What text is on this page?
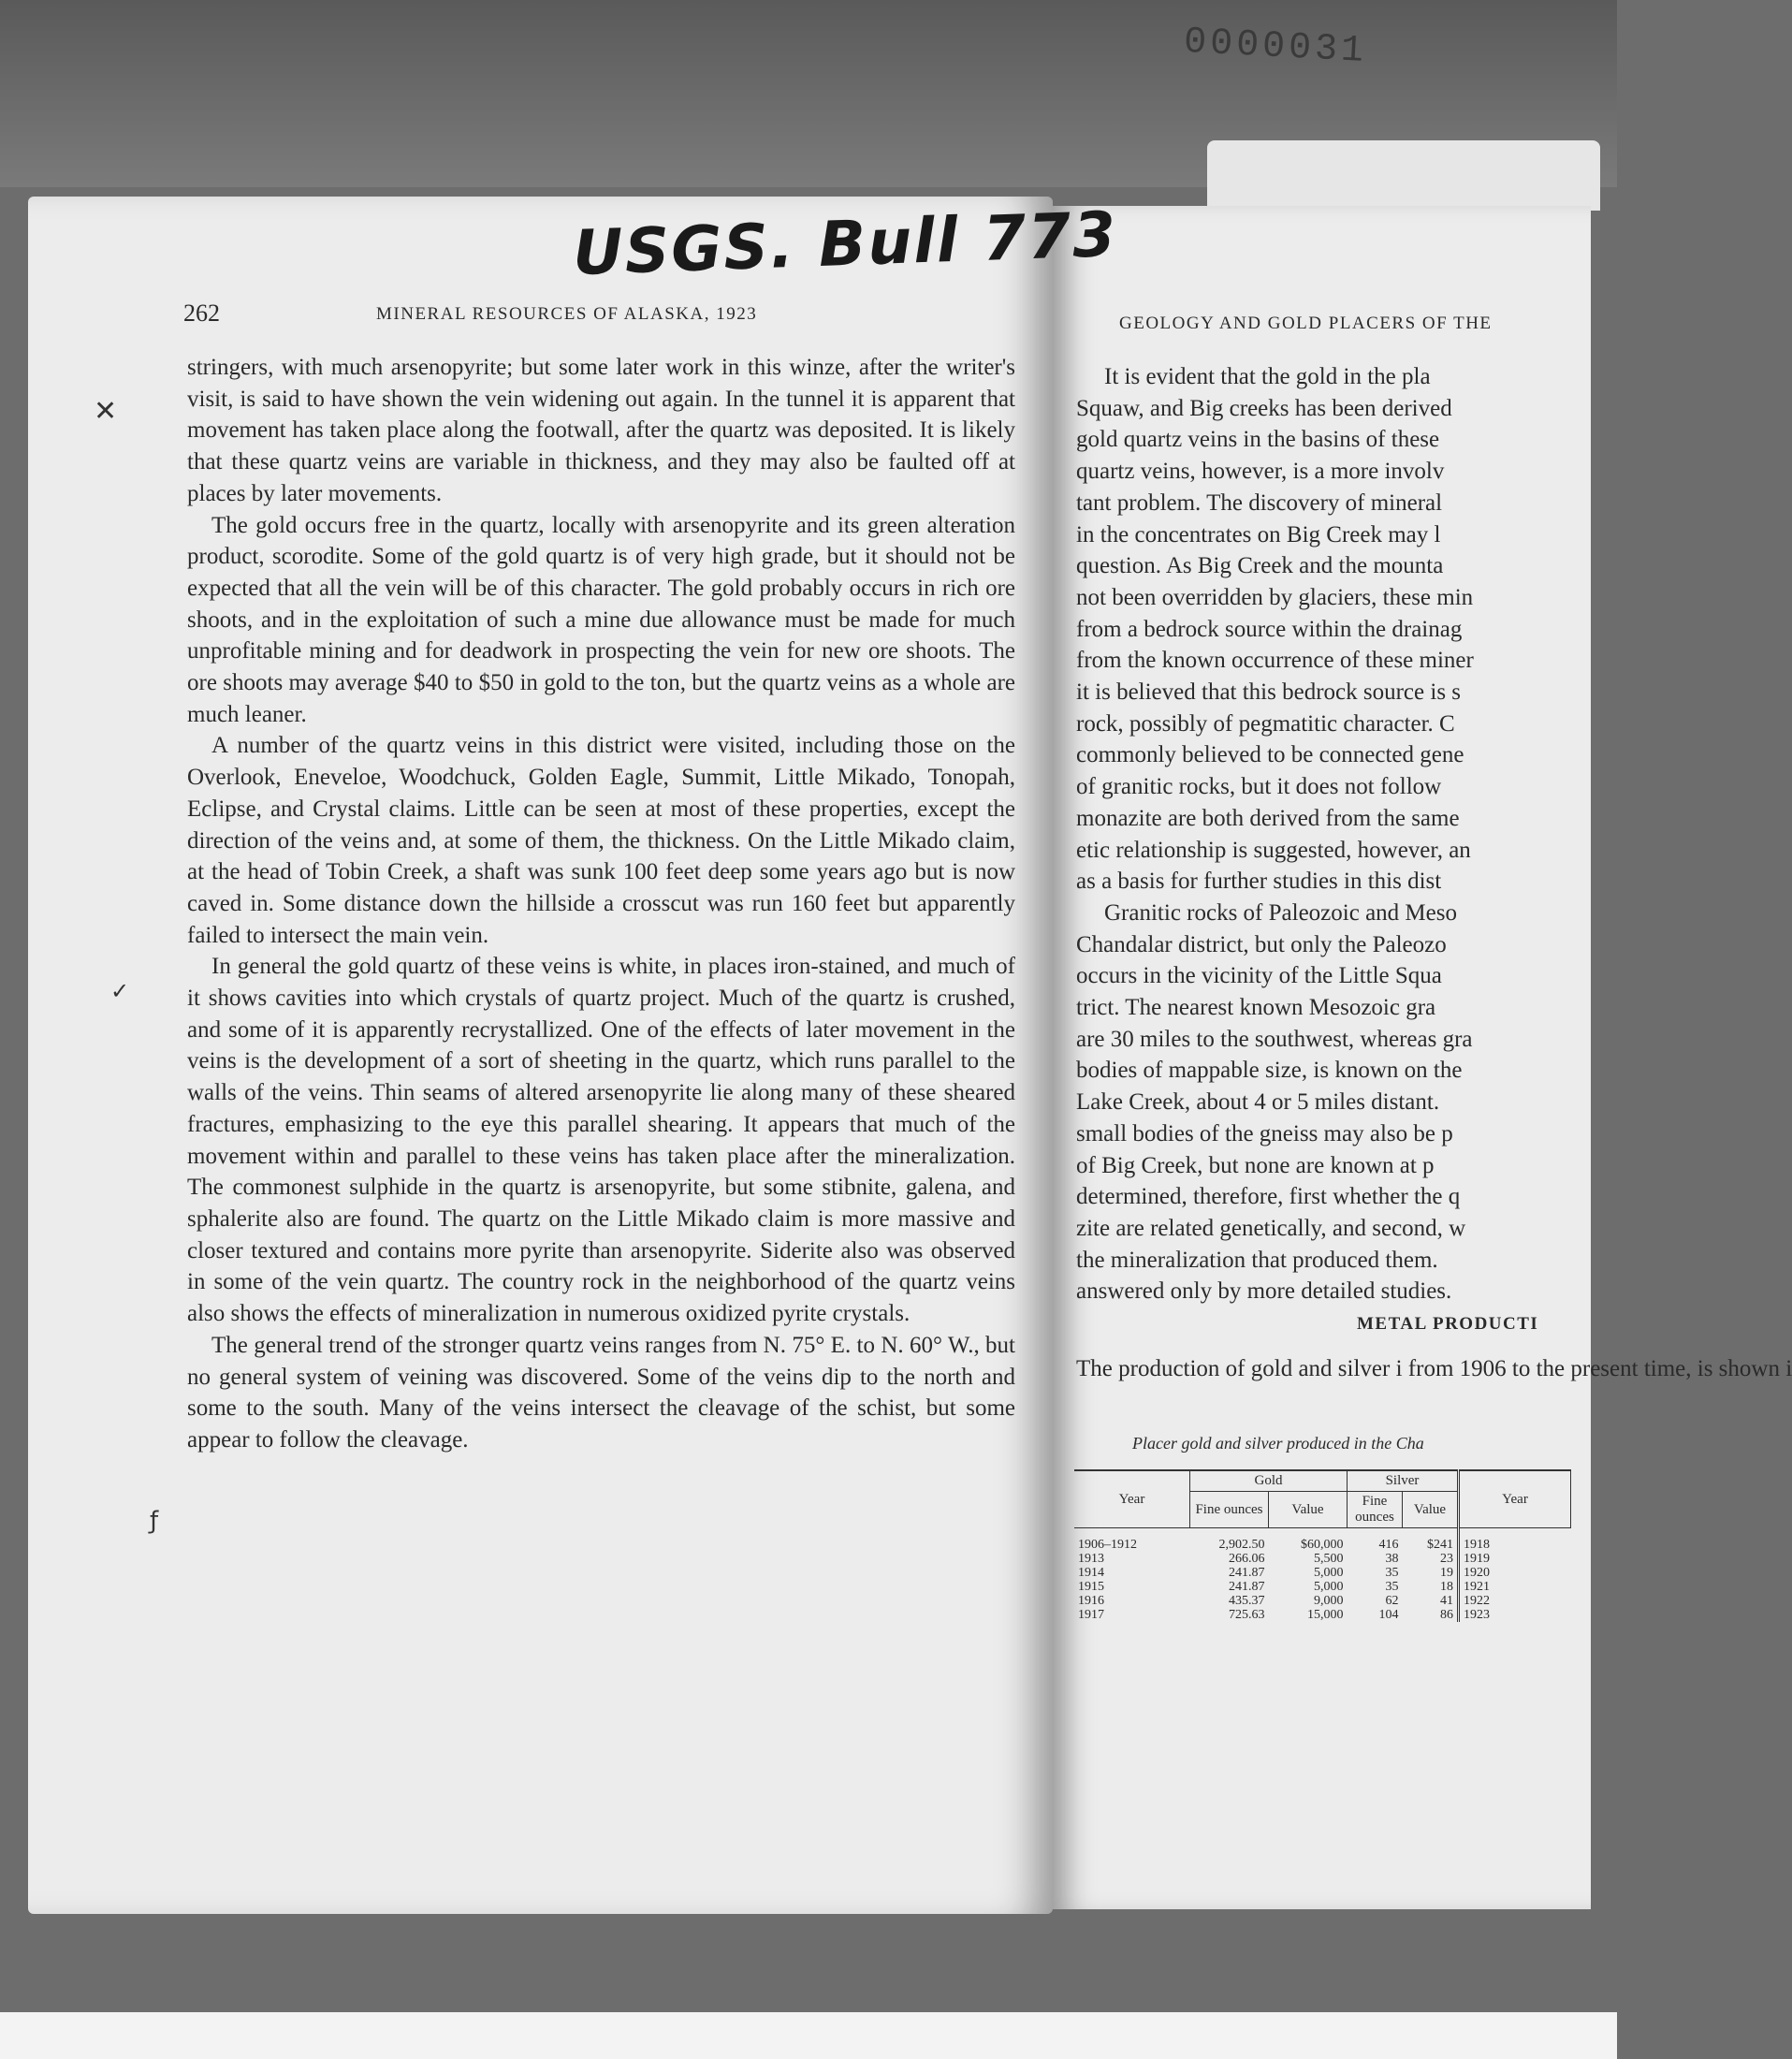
0000031
USGS. Bull 773
262	MINERAL RESOURCES OF ALASKA, 1923

stringers, with much arsenopyrite; but some later work in this winze, after the writer's visit, is said to have shown the vein widening out again. In the tunnel it is apparent that movement has taken place along the footwall, after the quartz was deposited. It is likely that these quartz veins are variable in thickness, and they may also be faulted off at places by later movements.

The gold occurs free in the quartz, locally with arsenopyrite and its green alteration product, scorodite. Some of the gold quartz is of very high grade, but it should not be expected that all the vein will be of this character. The gold probably occurs in rich ore shoots, and in the exploitation of such a mine due allowance must be made for much unprofitable mining and for deadwork in prospecting the vein for new ore shoots. The ore shoots may average $40 to $50 in gold to the ton, but the quartz veins as a whole are much leaner.

A number of the quartz veins in this district were visited, including those on the Overlook, Eneveloe, Woodchuck, Golden Eagle, Summit, Little Mikado, Tonopah, Eclipse, and Crystal claims. Little can be seen at most of these properties, except the direction of the veins and, at some of them, the thickness. On the Little Mikado claim, at the head of Tobin Creek, a shaft was sunk 100 feet deep some years ago but is now caved in. Some distance down the hillside a crosscut was run 160 feet but apparently failed to intersect the main vein.

In general the gold quartz of these veins is white, in places iron-stained, and much of it shows cavities into which crystals of quartz project. Much of the quartz is crushed, and some of it is apparently recrystallized. One of the effects of later movement in the veins is the development of a sort of sheeting in the quartz, which runs parallel to the walls of the veins. Thin seams of altered arsenopyrite lie along many of these sheared fractures, emphasizing to the eye this parallel shearing. It appears that much of the movement within and parallel to these veins has taken place after the mineralization. The commonest sulphide in the quartz is arsenopyrite, but some stibnite, galena, and sphalerite also are found. The quartz on the Little Mikado claim is more massive and closer textured and contains more pyrite than arsenopyrite. Siderite also was observed in some of the vein quartz. The country rock in the neighborhood of the quartz veins also shows the effects of mineralization in numerous oxidized pyrite crystals.

The general trend of the stronger quartz veins ranges from N. 75° E. to N. 60° W., but no general system of veining was discovered. Some of the veins dip to the north and some to the south. Many of the veins intersect the cleavage of the schist, but some appear to follow the cleavage.

✕
✓
ƒ
GEOLOGY AND GOLD PLACERS OF THE
It is evident that the gold in the pla
Squaw, and Big creeks has been derived
gold quartz veins in the basins of these
quartz veins, however, is a more involv
tant problem. The discovery of mineral
in the concentrates on Big Creek may l
question. As Big Creek and the mounta
not been overridden by glaciers, these min
from a bedrock source within the drainag
from the known occurrence of these miner
it is believed that this bedrock source is s
rock, possibly of pegmatitic character. C
commonly believed to be connected gene
of granitic rocks, but it does not follow
monazite are both derived from the same
etic relationship is suggested, however, an
as a basis for further studies in this dist
Granitic rocks of Paleozoic and Meso
Chandalar district, but only the Paleozo
occurs in the vicinity of the Little Squa
trict. The nearest known Mesozoic gra
are 30 miles to the southwest, whereas gra
bodies of mappable size, is known on the
Lake Creek, about 4 or 5 miles distant.
small bodies of the gneiss may also be p
of Big Creek, but none are known at p
determined, therefore, first whether the q
zite are related genetically, and second, w
the mineralization that produced them.
answered only by more detailed studies.
METAL PRODUCTI
The production of gold and silver i from 1906 to the present time, is shown i
Placer gold and silver produced in the Cha
Year	Gold		Silver		Year
	Fine ounces	Value	Fine ounces	Value	
1906–1912	2,902.50	$60,000	416	$241	1918
1913	266.06	5,500	38	23	1919
1914	241.87	5,000	35	19	1920
1915	241.87	5,000	35	18	1921
1916	435.37	9,000	62	41	1922
1917	725.63	15,000	104	86	1923
